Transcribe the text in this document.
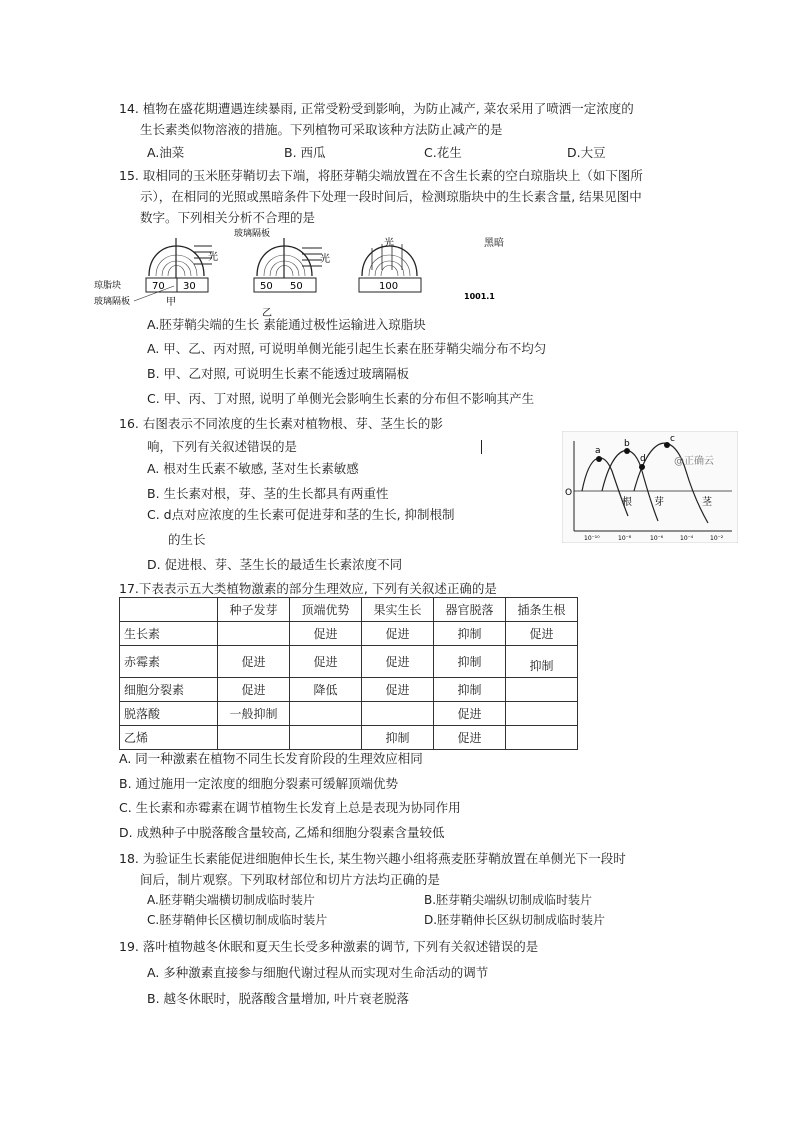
14. 植物在盛花期遭遇连续暴雨, 正常受粉受到影响，为防止减产, 菜农采用了喷洒一定浓度的
生长素类似物溶液的措施。下列植物可采取该种方法防止减产的是
A.油菜	B. 西瓜	C.花生	D.大豆
15. 取相同的玉米胚芽鞘切去下端，将胚芽鞘尖端放置在不含生长素的空白琼脂块上（如下图所
示），在相同的光照或黑暗条件下处理一段时间后，检测琼脂块中的生长素含量, 结果见图中
数字。下列相关分析不合理的是
70 30
光
琼脂块
玻璃隔板	甲
玻璃隔板
50 50
光
乙
光
100
黑暗
1001.1
A.胚芽鞘尖端的生长 素能通过极性运输进入琼脂块
A. 甲、乙、丙对照, 可说明单侧光能引起生长素在胚芽鞘尖端分布不均匀
B. 甲、乙对照, 可说明生长素不能透过玻璃隔板
C. 甲、丙、丁对照, 说明了单侧光会影响生长素的分布但不影响其产生
16. 右图表示不同浓度的生长素对植物根、芽、茎生长的影
响，下列有关叙述错误的是
A. 根对生氏素不敏感, 茎对生长素敏感
B. 生长素对根，芽、茎的生长都具有两重性
C. d点对应浓度的生长素可促进芽和茎的生长, 抑制根制
的生长
D. 促进根、芽、茎生长的最适生长素浓度不同
O
a
b	c
d
根 芽	茎
@正确云
10⁻¹⁰	10⁻⁸	10⁻⁶	10⁻⁴	10⁻²
17.下表表示五大类植物激素的部分生理效应, 下列有关叙述正确的是
	种子发芽	顶端优势	果实生长	器官脱落	插条生根
生长素		促进	促进	抑制	促进
赤霉素	促进	促进	促进	抑制	抑制
细胞分裂素	促进	降低	促进	抑制	
脱落酸	一般抑制			促进	
乙烯			抑制	促进	
A. 同一种激素在植物不同生长发育阶段的生理效应相同
B. 通过施用一定浓度的细胞分裂素可缓解顶端优势
C. 生长素和赤霉素在调节植物生长发育上总是表现为协同作用
D. 成熟种子中脱落酸含量较高, 乙烯和细胞分裂素含量较低
18. 为验证生长素能促进细胞伸长生长, 某生物兴趣小组将燕麦胚芽鞘放置在单侧光下一段时
间后，制片观察。下列取材部位和切片方法均正确的是
A.胚芽鞘尖端横切制成临时装片	B.胚芽鞘尖端纵切制成临时装片
C.胚芽鞘伸长区横切制成临时装片	D.胚芽鞘伸长区纵切制成临时装片
19. 落叶植物越冬休眠和夏天生长受多种激素的调节, 下列有关叙述错误的是
A. 多种激素直接参与细胞代谢过程从而实现对生命活动的调节
B. 越冬休眠时，脱落酸含量增加, 叶片衰老脱落
